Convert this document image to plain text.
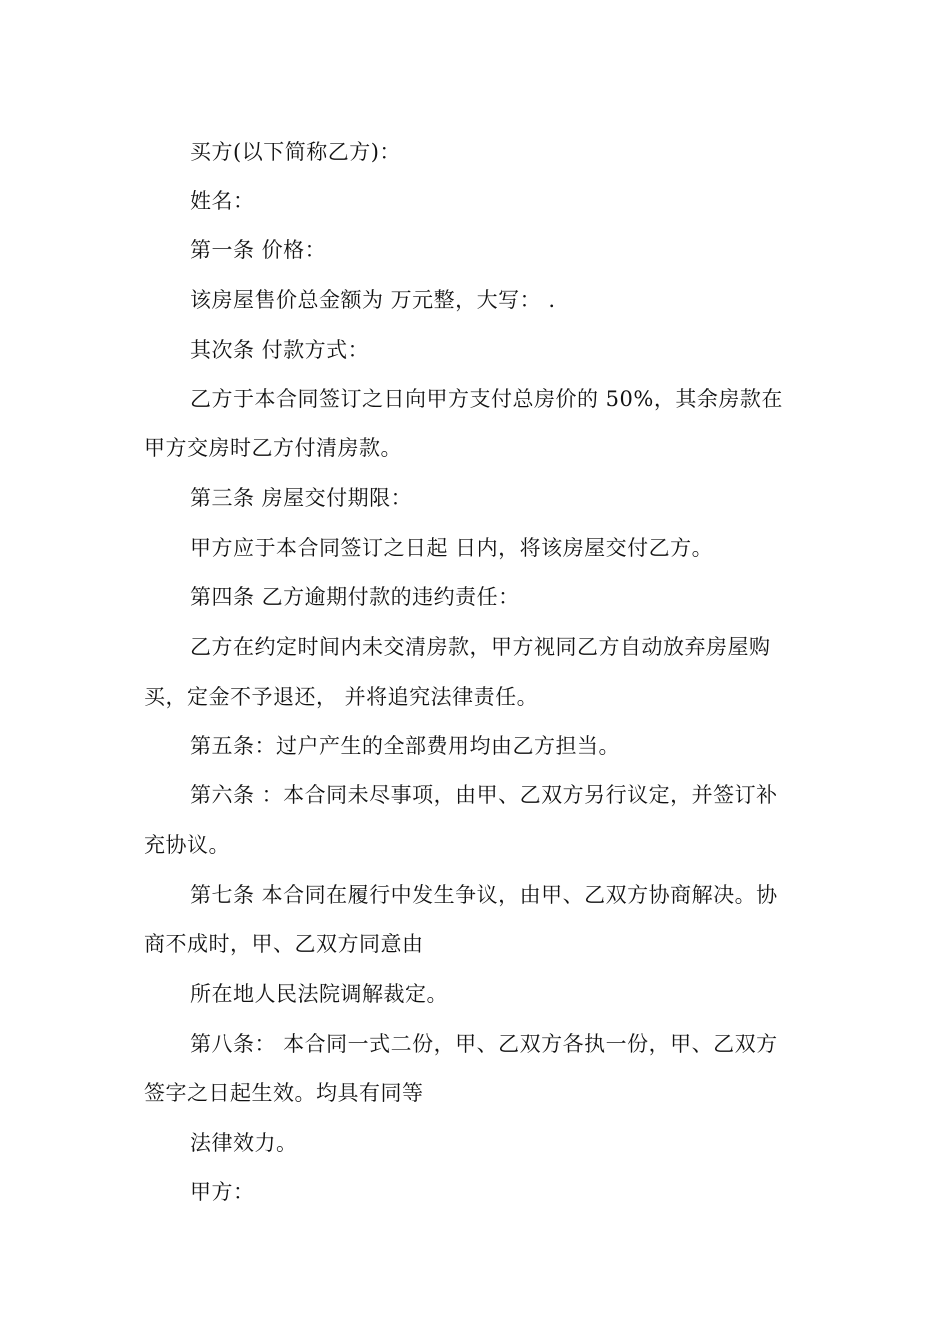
买方(以下简称乙方)：
姓名：
第一条 价格：
该房屋售价总金额为 万元整，大写： .
其次条 付款方式：
乙方于本合同签订之日向甲方支付总房价的 50%，其余房款在
甲方交房时乙方付清房款。
第三条 房屋交付期限：
甲方应于本合同签订之日起 日内，将该房屋交付乙方。
第四条 乙方逾期付款的违约责任：
乙方在约定时间内未交清房款，甲方视同乙方自动放弃房屋购
买，定金不予退还， 并将追究法律责任。
第五条：过户产生的全部费用均由乙方担当。
第六条 ：本合同未尽事项，由甲、乙双方另行议定，并签订补
充协议。
第七条 本合同在履行中发生争议，由甲、乙双方协商解决。协
商不成时，甲、乙双方同意由
所在地人民法院调解裁定。
第八条： 本合同一式二份，甲、乙双方各执一份，甲、乙双方
签字之日起生效。均具有同等
法律效力。
甲方：
